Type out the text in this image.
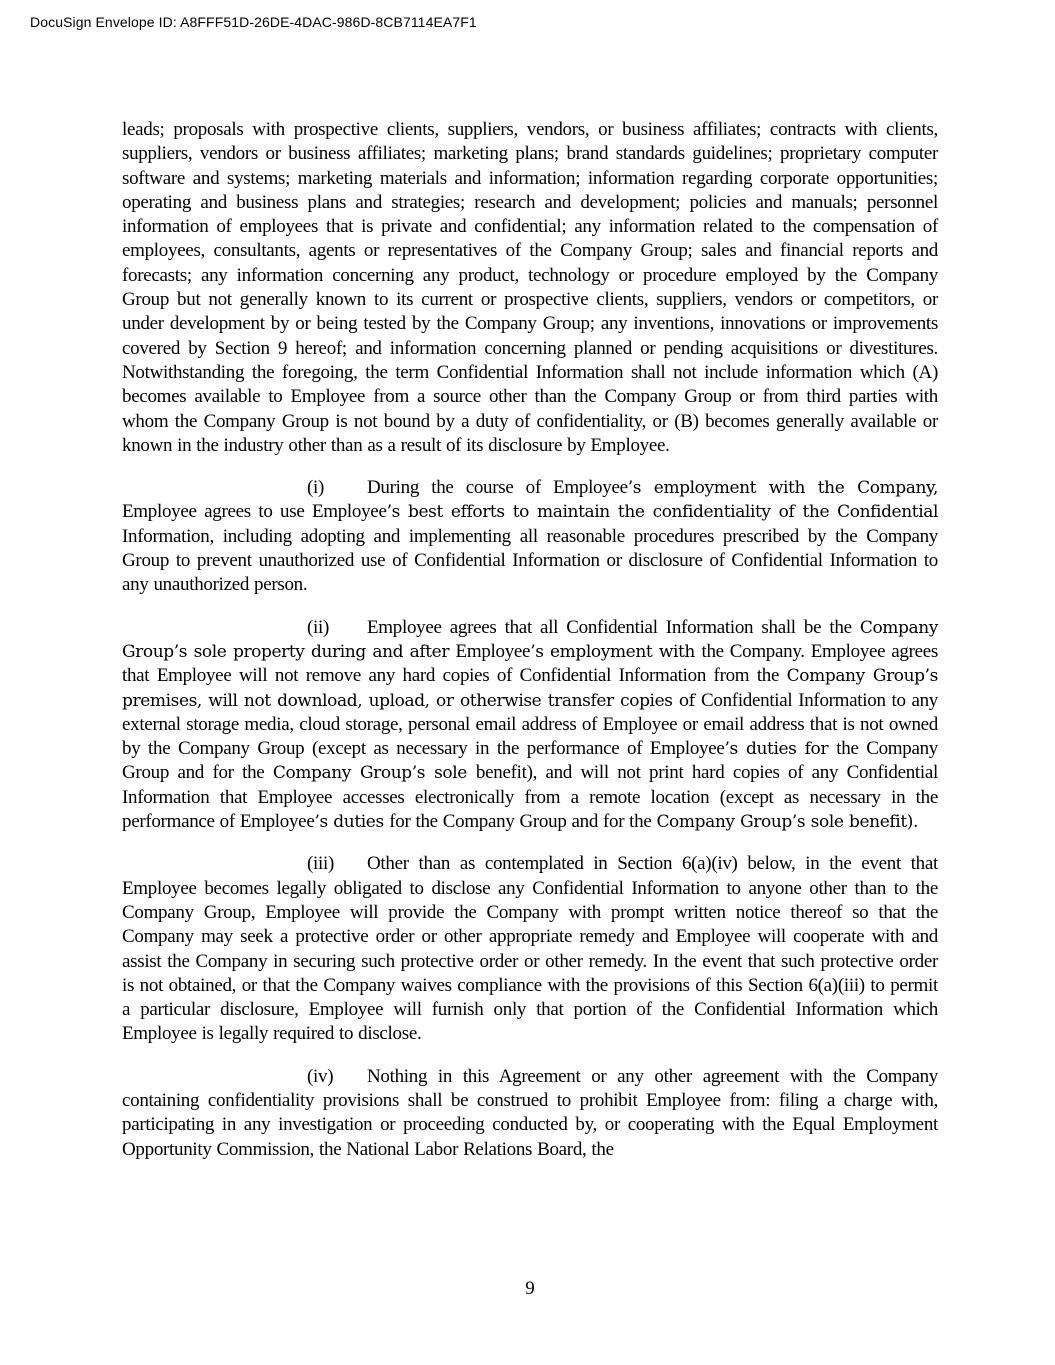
DocuSign Envelope ID: A8FFF51D-26DE-4DAC-986D-8CB7114EA7F1

leads; proposals with prospective clients, suppliers, vendors, or business affiliates; contracts with clients, suppliers, vendors or business affiliates; marketing plans; brand standards guidelines; proprietary computer software and systems; marketing materials and information; information regarding corporate opportunities; operating and business plans and strategies; research and development; policies and manuals; personnel information of employees that is private and confidential; any information related to the compensation of employees, consultants, agents or representatives of the Company Group; sales and financial reports and forecasts; any information concerning any product, technology or procedure employed by the Company Group but not generally known to its current or prospective clients, suppliers, vendors or competitors, or under development by or being tested by the Company Group; any inventions, innovations or improvements covered by Section 9 hereof; and information concerning planned or pending acquisitions or divestitures. Notwithstanding the foregoing, the term Confidential Information shall not include information which (A) becomes available to Employee from a source other than the Company Group or from third parties with whom the Company Group is not bound by a duty of confidentiality, or (B) becomes generally available or known in the industry other than as a result of its disclosure by Employee.

(i) During the course of Employee’s employment with the Company, Employee agrees to use Employee’s best efforts to maintain the confidentiality of the Confidential Information, including adopting and implementing all reasonable procedures prescribed by the Company Group to prevent unauthorized use of Confidential Information or disclosure of Confidential Information to any unauthorized person.

(ii) Employee agrees that all Confidential Information shall be the Company Group’s sole property during and after Employee’s employment with the Company. Employee agrees that Employee will not remove any hard copies of Confidential Information from the Company Group’s premises, will not download, upload, or otherwise transfer copies of Confidential Information to any external storage media, cloud storage, personal email address of Employee or email address that is not owned by the Company Group (except as necessary in the performance of Employee’s duties for the Company Group and for the Company Group’s sole benefit), and will not print hard copies of any Confidential Information that Employee accesses electronically from a remote location (except as necessary in the performance of Employee’s duties for the Company Group and for the Company Group’s sole benefit).

(iii) Other than as contemplated in Section 6(a)(iv) below, in the event that Employee becomes legally obligated to disclose any Confidential Information to anyone other than to the Company Group, Employee will provide the Company with prompt written notice thereof so that the Company may seek a protective order or other appropriate remedy and Employee will cooperate with and assist the Company in securing such protective order or other remedy. In the event that such protective order is not obtained, or that the Company waives compliance with the provisions of this Section 6(a)(iii) to permit a particular disclosure, Employee will furnish only that portion of the Confidential Information which Employee is legally required to disclose.

(iv) Nothing in this Agreement or any other agreement with the Company containing confidentiality provisions shall be construed to prohibit Employee from: filing a charge with, participating in any investigation or proceeding conducted by, or cooperating with the Equal Employment Opportunity Commission, the National Labor Relations Board, the

9
